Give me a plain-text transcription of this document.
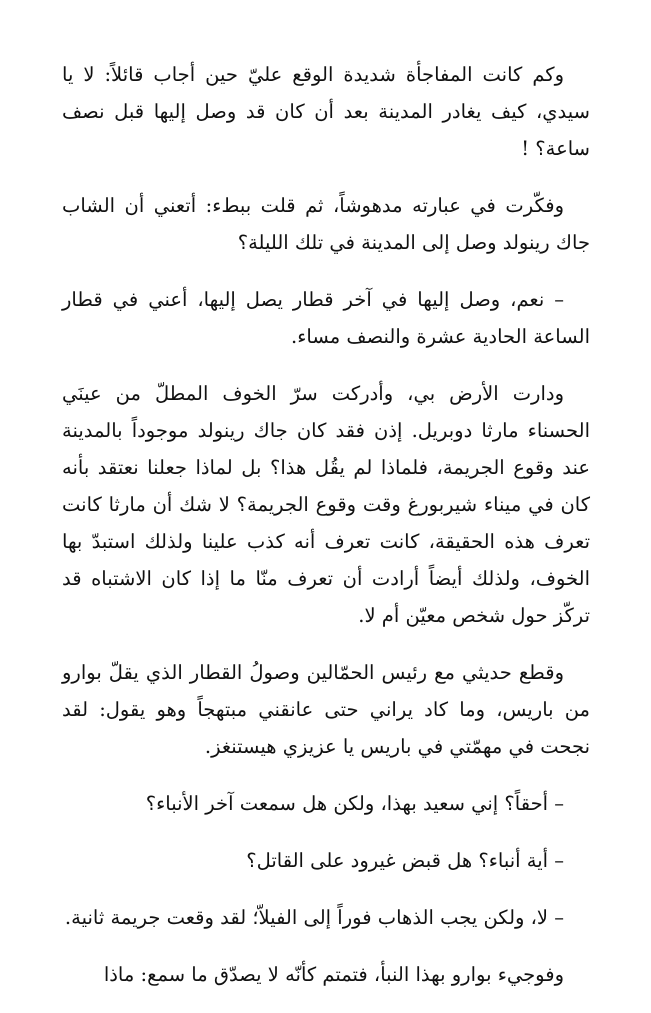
وكم كانت المفاجأة شديدة الوقع عليّ حين أجاب قائلاً: لا يا سيدي، كيف يغادر المدينة بعد أن كان قد وصل إليها قبل نصف ساعة؟ !

وفكّرت في عبارته مدهوشاً، ثم قلت ببطء: أتعني أن الشاب جاك رينولد وصل إلى المدينة في تلك الليلة؟

– نعم، وصل إليها في آخر قطار يصل إليها، أعني في قطار الساعة الحادية عشرة والنصف مساء.

ودارت الأرض بي، وأدركت سرّ الخوف المطلّ من عينَي الحسناء مارثا دوبريل. إذن فقد كان جاك رينولد موجوداً بالمدينة عند وقوع الجريمة، فلماذا لم يقُل هذا؟ بل لماذا جعلنا نعتقد بأنه كان في ميناء شيربورغ وقت وقوع الجريمة؟ لا شك أن مارثا كانت تعرف هذه الحقيقة، كانت تعرف أنه كذب علينا ولذلك استبدّ بها الخوف، ولذلك أيضاً أرادت أن تعرف منّا ما إذا كان الاشتباه قد تركّز حول شخص معيّن أم لا.

وقطع حديثي مع رئيس الحمّالين وصولُ القطار الذي يقلّ بوارو من باريس، وما كاد يراني حتى عانقني مبتهجاً وهو يقول: لقد نجحت في مهمّتي في باريس يا عزيزي هيستنغز.

– أحقاً؟ إني سعيد بهذا، ولكن هل سمعت آخر الأنباء؟

– أية أنباء؟ هل قبض غيرود على القاتل؟

– لا، ولكن يجب الذهاب فوراً إلى الفيلاّ؛ لقد وقعت جريمة ثانية.

وفوجيء بوارو بهذا النبأ، فتمتم كأنّه لا يصدّق ما سمع: ماذا
